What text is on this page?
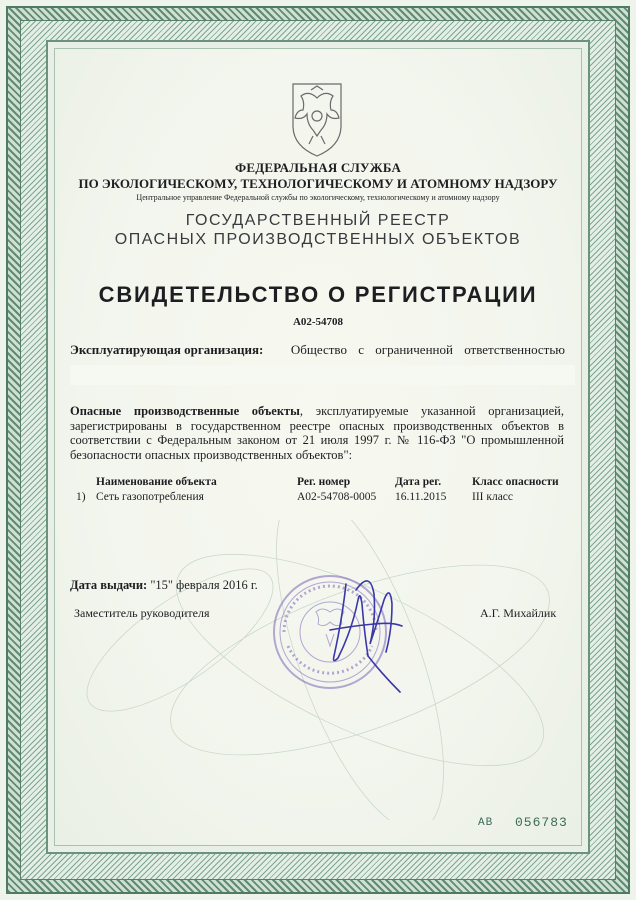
ФЕДЕРАЛЬНАЯ СЛУЖБА
ПО ЭКОЛОГИЧЕСКОМУ, ТЕХНОЛОГИЧЕСКОМУ И АТОМНОМУ НАДЗОРУ
Центральное управление Федеральной службы по экологическому, технологическому и атомному надзору
ГОСУДАРСТВЕННЫЙ РЕЕСТР
ОПАСНЫХ ПРОИЗВОДСТВЕННЫХ ОБЪЕКТОВ
СВИДЕТЕЛЬСТВО О РЕГИСТРАЦИИ
А02-54708
Эксплуатирующая организация: Общество с ограниченной ответственностью
Опасные производственные объекты, эксплуатируемые указанной организацией, зарегистрированы в государственном реестре опасных производственных объектов в соответствии с Федеральным законом от 21 июля 1997 г. № 116-ФЗ "О промышленной безопасности опасных производственных объектов":
Наименование объекта	Рег. номер	Дата рег.	Класс опасности
1) Сеть газопотребления	А02-54708-0005 16.11.2015 III класс
Дата выдачи: "15" февраля 2016 г.
Заместитель руководителя	А.Г. Михайлик
АВ 056783
